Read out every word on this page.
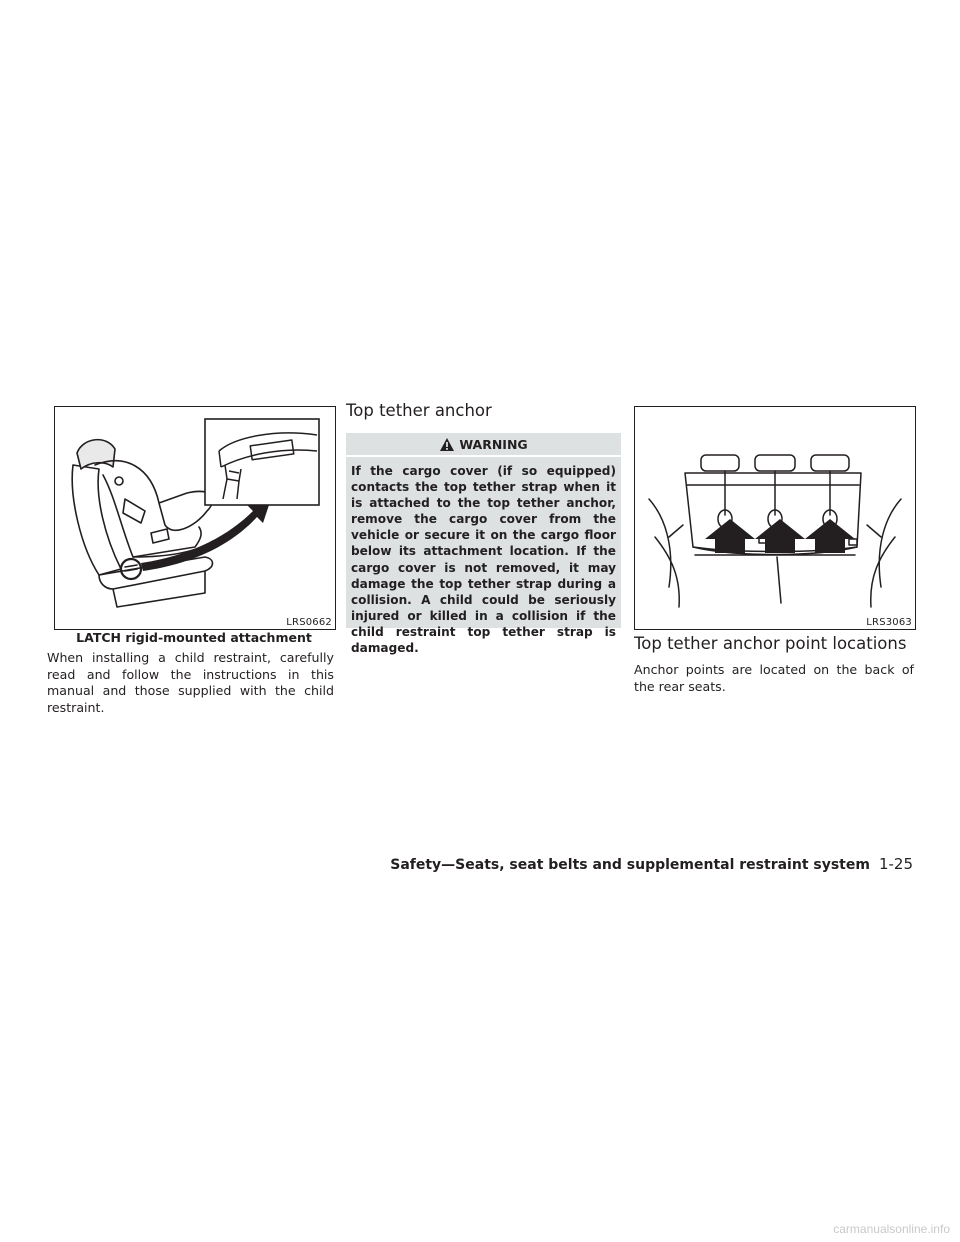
LRS0662
LATCH rigid-mounted attachment

When installing a child restraint, carefully read and follow the instructions in this manual and those supplied with the child restraint.

Top tether anchor
WARNING

If the cargo cover (if so equipped) contacts the top tether strap when it is attached to the top tether anchor, remove the cargo cover from the vehicle or secure it on the cargo floor below its attachment location. If the cargo cover is not removed, it may damage the top tether strap during a collision. A child could be seriously injured or killed in a collision if the child restraint top tether strap is damaged.

LRS3063
Top tether anchor point locations

Anchor points are located on the back of the rear seats.

Safety—Seats, seat belts and supplemental restraint system 1-25
carmanualsonline.info
